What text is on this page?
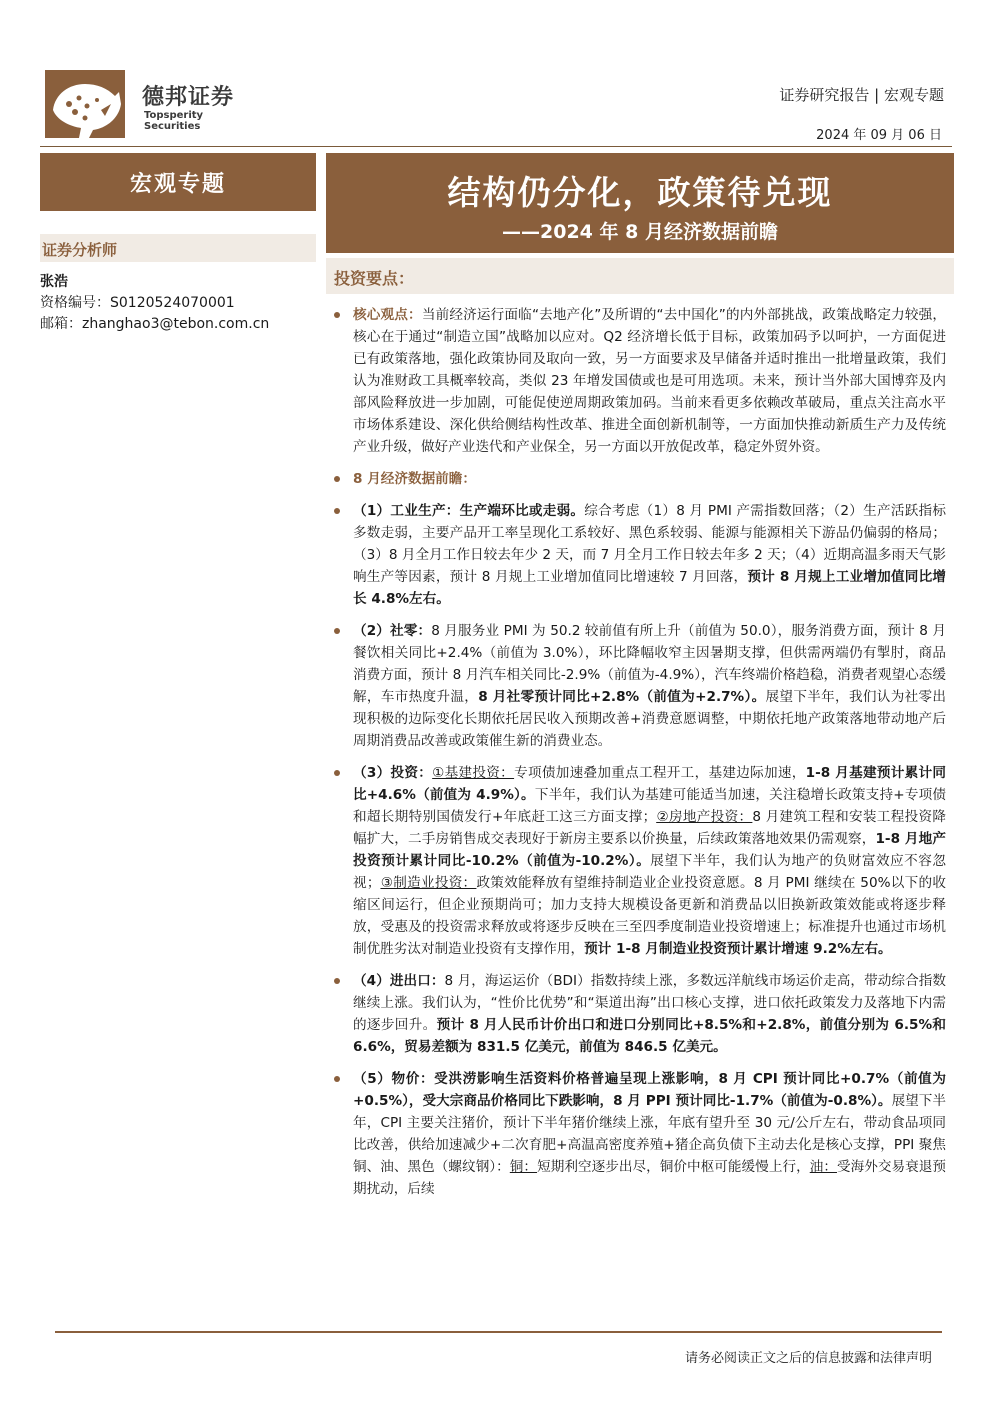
德邦证券
Topsperity Securities
证券研究报告 | 宏观专题
2024 年 09 月 06 日
宏观专题
证券分析师
张浩
资格编号：S0120524070001
邮箱：zhanghao3@tebon.com.cn
结构仍分化，政策待兑现
——2024 年 8 月经济数据前瞻
投资要点：
核心观点：当前经济运行面临“去地产化”及所谓的“去中国化”的内外部挑战，政策战略定力较强，核心在于通过“制造立国”战略加以应对。Q2 经济增长低于目标，政策加码予以呵护，一方面促进已有政策落地，强化政策协同及取向一致，另一方面要求及早储备并适时推出一批增量政策，我们认为准财政工具概率较高，类似 23 年增发国债或也是可用选项。未来，预计当外部大国博弈及内部风险释放进一步加剧，可能促使逆周期政策加码。当前来看更多依赖改革破局，重点关注高水平市场体系建设、深化供给侧结构性改革、推进全面创新机制等，一方面加快推动新质生产力及传统产业升级，做好产业迭代和产业保全，另一方面以开放促改革，稳定外贸外资。
8 月经济数据前瞻：
（1）工业生产：生产端环比或走弱。综合考虑（1）8 月 PMI 产需指数回落；（2）生产活跃指标多数走弱，主要产品开工率呈现化工系较好、黑色系较弱、能源与能源相关下游品仍偏弱的格局；（3）8 月全月工作日较去年少 2 天，而 7 月全月工作日较去年多 2 天；（4）近期高温多雨天气影响生产等因素，预计 8 月规上工业增加值同比增速较 7 月回落，预计 8 月规上工业增加值同比增长 4.8%左右。
（2）社零：8 月服务业 PMI 为 50.2 较前值有所上升（前值为 50.0），服务消费方面，预计 8 月餐饮相关同比+2.4%（前值为 3.0%），环比降幅收窄主因暑期支撑，但供需两端仍有掣肘，商品消费方面，预计 8 月汽车相关同比-2.9%（前值为-4.9%），汽车终端价格趋稳，消费者观望心态缓解，车市热度升温，8 月社零预计同比+2.8%（前值为+2.7%）。展望下半年，我们认为社零出现积极的边际变化长期依托居民收入预期改善+消费意愿调整，中期依托地产政策落地带动地产后周期消费品改善或政策催生新的消费业态。
（3）投资：①基建投资：专项债加速叠加重点工程开工，基建边际加速，1-8 月基建预计累计同比+4.6%（前值为 4.9%）。下半年，我们认为基建可能适当加速，关注稳增长政策支持+专项债和超长期特别国债发行+年底赶工这三方面支撑；②房地产投资：8 月建筑工程和安装工程投资降幅扩大，二手房销售成交表现好于新房主要系以价换量，后续政策落地效果仍需观察，1-8 月地产投资预计累计同比-10.2%（前值为-10.2%）。展望下半年，我们认为地产的负财富效应不容忽视；③制造业投资：政策效能释放有望维持制造业企业投资意愿。8 月 PMI 继续在 50%以下的收缩区间运行，但企业预期尚可；加力支持大规模设备更新和消费品以旧换新政策效能或将逐步释放，受惠及的投资需求释放或将逐步反映在三至四季度制造业投资增速上；标准提升也通过市场机制优胜劣汰对制造业投资有支撑作用，预计 1-8 月制造业投资预计累计增速 9.2%左右。
（4）进出口：8 月，海运运价（BDI）指数持续上涨，多数远洋航线市场运价走高，带动综合指数继续上涨。我们认为，“性价比优势”和“渠道出海”出口核心支撑，进口依托政策发力及落地下内需的逐步回升。预计 8 月人民币计价出口和进口分别同比+8.5%和+2.8%，前值分别为 6.5%和 6.6%，贸易差额为 831.5 亿美元，前值为 846.5 亿美元。
（5）物价：受洪涝影响生活资料价格普遍呈现上涨影响，8 月 CPI 预计同比+0.7%（前值为+0.5%），受大宗商品价格同比下跌影响，8 月 PPI 预计同比-1.7%（前值为-0.8%）。展望下半年，CPI 主要关注猪价，预计下半年猪价继续上涨，年底有望升至 30 元/公斤左右，带动食品项同比改善，供给加速减少+二次育肥+高温高密度养殖+猪企高负债下主动去化是核心支撑，PPI 聚焦铜、油、黑色（螺纹钢）：铜：短期利空逐步出尽，铜价中枢可能缓慢上行，油：受海外交易衰退预期扰动，后续
请务必阅读正文之后的信息披露和法律声明
